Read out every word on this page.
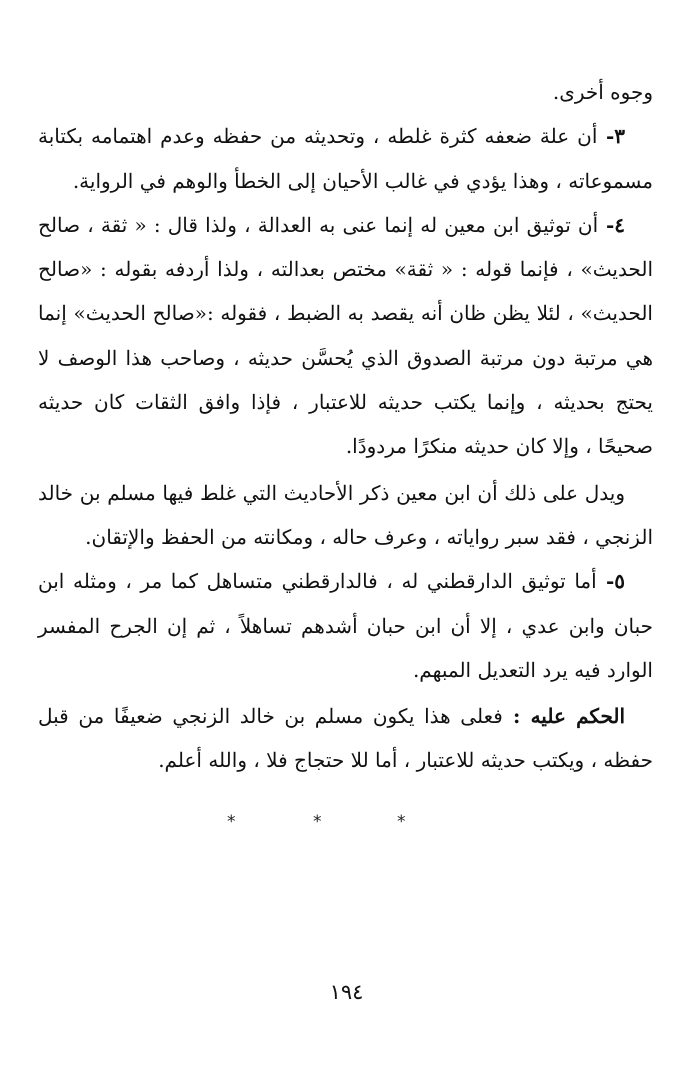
وجوه أخرى.

٣- أن علة ضعفه كثرة غلطه ، وتحديثه من حفظه وعدم اهتمامه بكتابة مسموعاته ، وهذا يؤدي في غالب الأحيان إلى الخطأ والوهم في الرواية.

٤- أن توثيق ابن معين له إنما عنى به العدالة ، ولذا قال : « ثقة ، صالح الحديث» ، فإنما قوله : « ثقة» مختص بعدالته ، ولذا أردفه بقوله : «صالح الحديث» ، لئلا يظن ظان أنه يقصد به الضبط ، فقوله :«صالح الحديث» إنما هي مرتبة دون مرتبة الصدوق الذي يُحسَّن حديثه ، وصاحب هذا الوصف لا يحتج بحديثه ، وإنما يكتب حديثه للاعتبار ، فإذا وافق الثقات كان حديثه صحيحًا ، وإلا كان حديثه منكرًا مردودًا.

ويدل على ذلك أن ابن معين ذكر الأحاديث التي غلط فيها مسلم بن خالد الزنجي ، فقد سبر رواياته ، وعرف حاله ، ومكانته من الحفظ والإتقان.

٥- أما توثيق الدارقطني له ، فالدارقطني متساهل كما مر ، ومثله ابن حبان وابن عدي ، إلا أن ابن حبان أشدهم تساهلاً ، ثم إن الجرح المفسر الوارد فيه يرد التعديل المبهم.

الحكم عليه : فعلى هذا يكون مسلم بن خالد الزنجي ضعيفًا من قبل حفظه ، ويكتب حديثه للاعتبار ، أما للا حتجاج فلا ، والله أعلم.

*	*	*
١٩٤
